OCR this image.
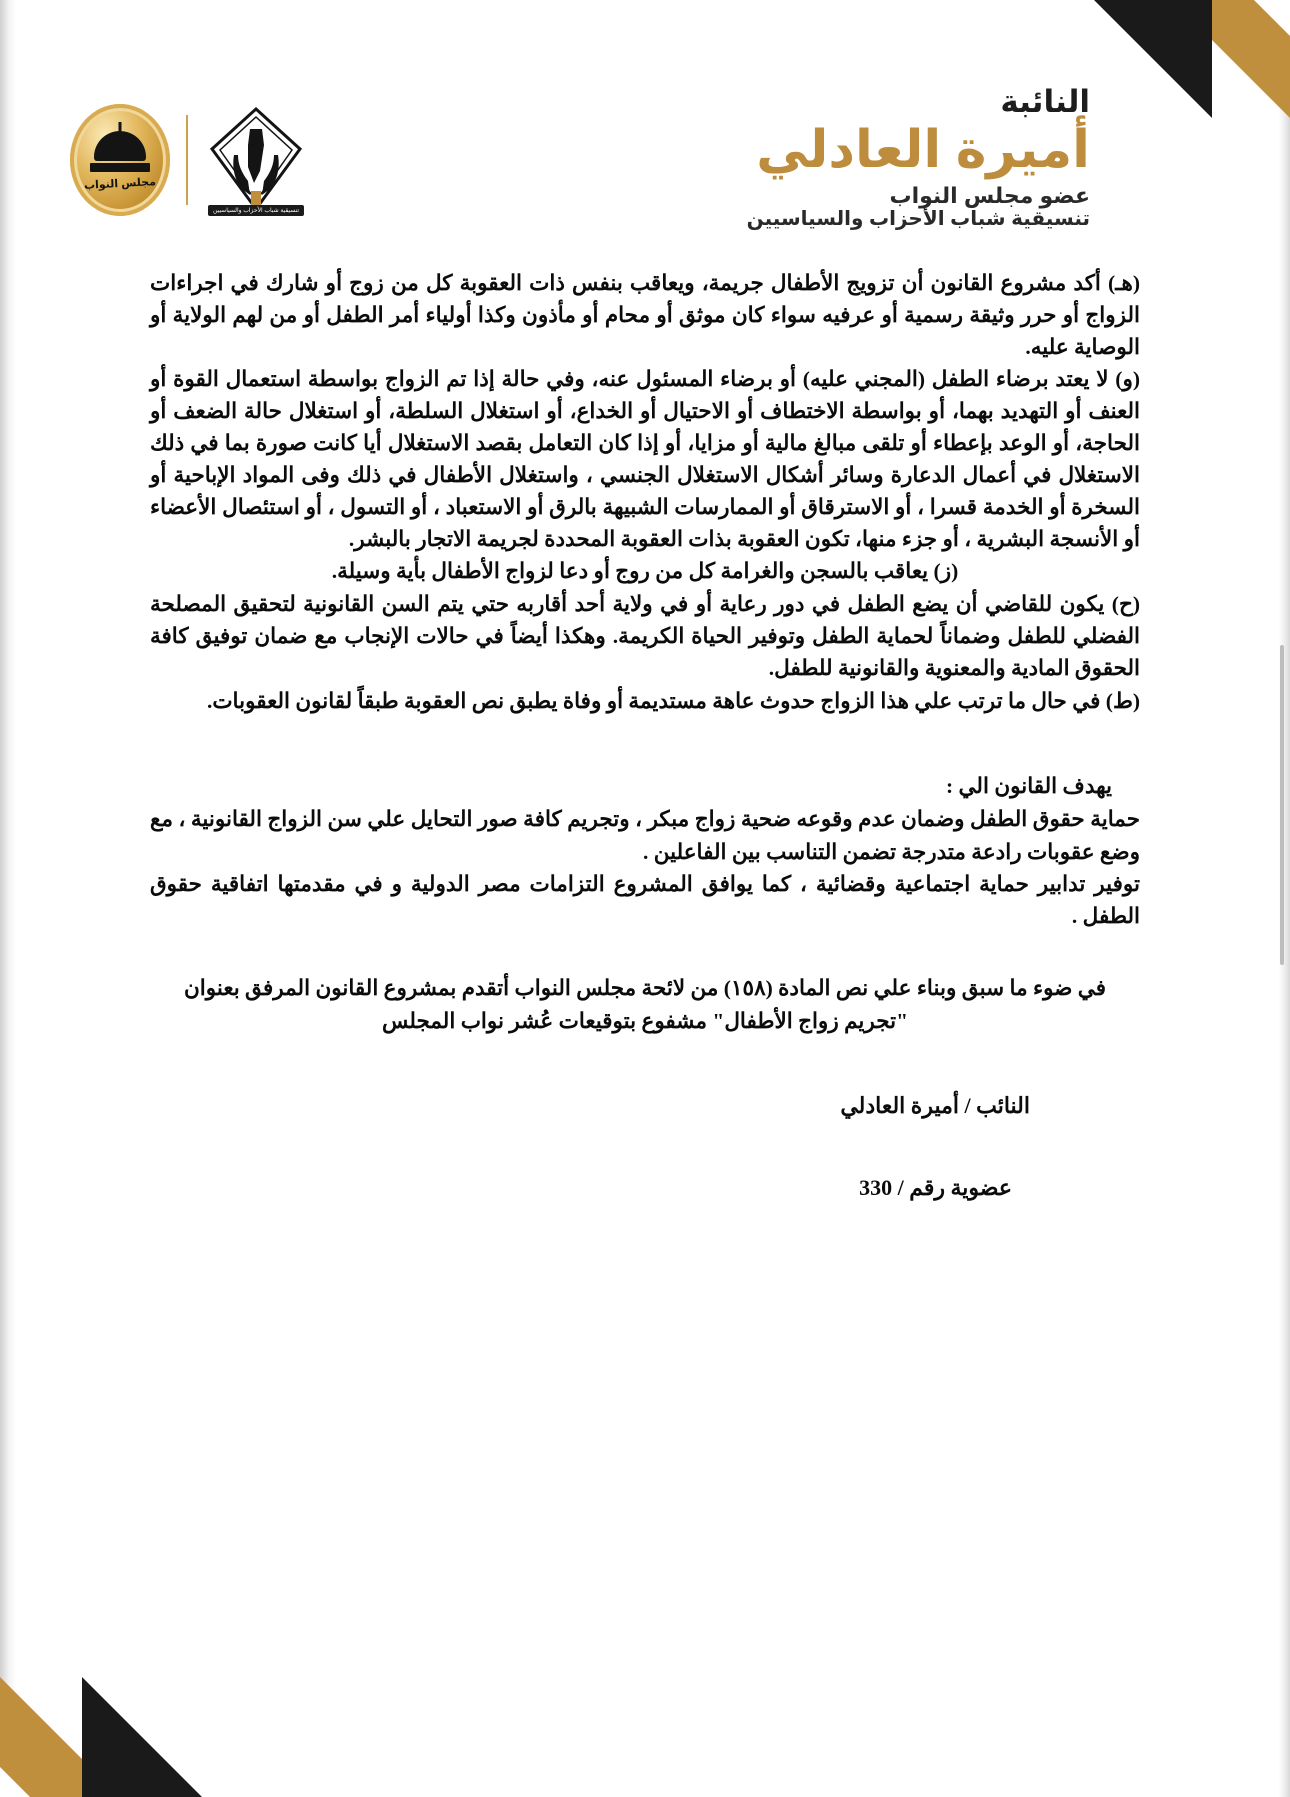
النائبة
أميرة العادلي
عضو مجلس النواب
تنسيقية شباب الأحزاب والسياسيين
تنسيقية شباب الأحزاب والسياسيين
مجلس النواب

(هـ) أكد مشروع القانون أن تزويج الأطفال جريمة، ويعاقب بنفس ذات العقوبة كل من زوج أو شارك في اجراءات الزواج أو حرر وثيقة رسمية أو عرفيه سواء كان موثق أو محام أو مأذون وكذا أولياء أمر الطفل أو من لهم الولاية أو الوصاية عليه.

(و) لا يعتد برضاء الطفل (المجني عليه) أو برضاء المسئول عنه، وفي حالة إذا تم الزواج بواسطة استعمال القوة أو العنف أو التهديد بهما، أو بواسطة الاختطاف أو الاحتيال أو الخداع، أو استغلال السلطة، أو استغلال حالة الضعف أو الحاجة، أو الوعد بإعطاء أو تلقى مبالغ مالية أو مزايا، أو إذا كان التعامل بقصد الاستغلال أيا كانت صورة بما في ذلك الاستغلال في أعمال الدعارة وسائر أشكال الاستغلال الجنسي ، واستغلال الأطفال في ذلك وفى المواد الإباحية أو السخرة أو الخدمة قسرا ، أو الاسترقاق أو الممارسات الشبيهة بالرق أو الاستعباد ، أو التسول ، أو استئصال الأعضاء أو الأنسجة البشرية ، أو جزء منها، تكون العقوبة بذات العقوبة المحددة لجريمة الاتجار بالبشر.

(ز) يعاقب بالسجن والغرامة كل من روج أو دعا لزواج الأطفال بأية وسيلة.

(ح) يكون للقاضي أن يضع الطفل في دور رعاية أو في ولاية أحد أقاربه حتي يتم السن القانونية لتحقيق المصلحة الفضلي للطفل وضماناً لحماية الطفل وتوفير الحياة الكريمة. وهكذا أيضاً في حالات الإنجاب مع ضمان توفيق كافة الحقوق المادية والمعنوية والقانونية للطفل.

(ط) في حال ما ترتب علي هذا الزواج حدوث عاهة مستديمة أو وفاة يطبق نص العقوبة طبقاً لقانون العقوبات.

يهدف القانون الي :

حماية حقوق الطفل وضمان عدم وقوعه ضحية زواج مبكر ، وتجريم كافة صور التحايل علي سن الزواج القانونية ، مع وضع عقوبات رادعة متدرجة تضمن التناسب بين الفاعلين .

توفير تدابير حماية اجتماعية وقضائية ، كما يوافق المشروع التزامات مصر الدولية و في مقدمتها اتفاقية حقوق الطفل .

في ضوء ما سبق وبناء علي نص المادة (١٥٨) من لائحة مجلس النواب أتقدم بمشروع القانون المرفق بعنوان "تجريم زواج الأطفال" مشفوع بتوقيعات عُشر نواب المجلس

النائب / أميرة العادلي
عضوية رقم / 330
